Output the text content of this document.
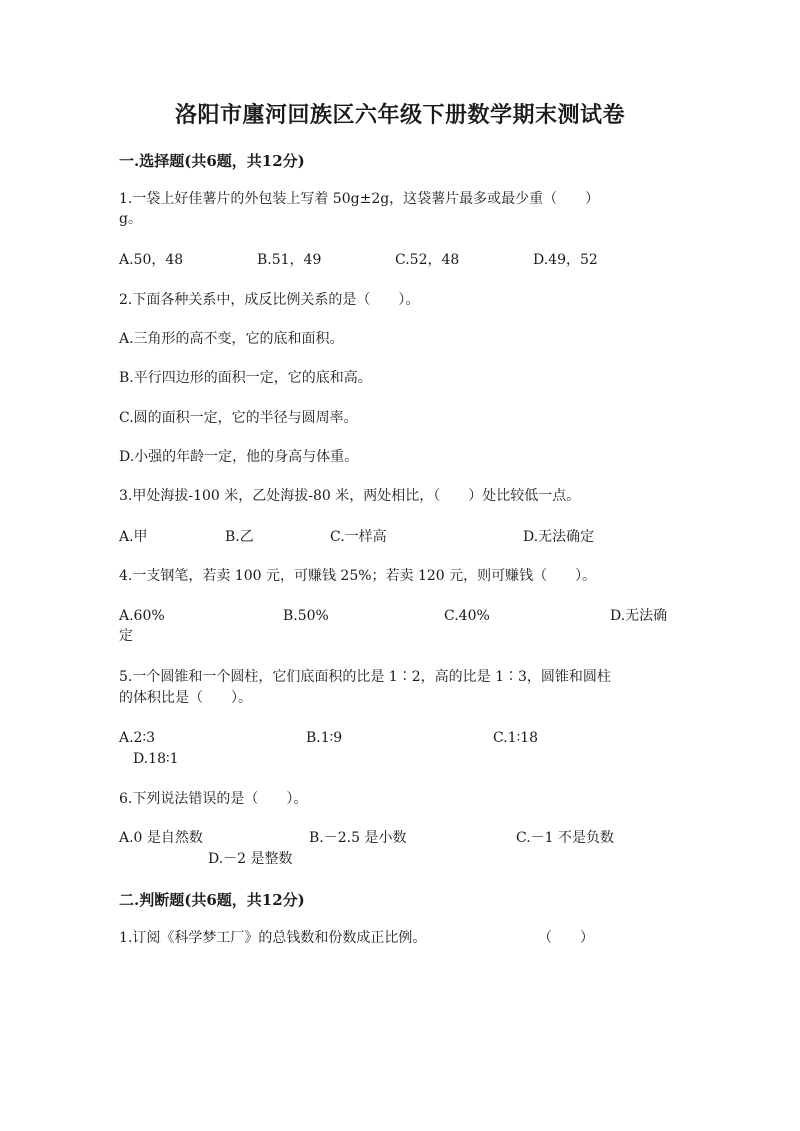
洛阳市廛河回族区六年级下册数学期末测试卷
一.选择题(共6题，共12分)
1.一袋上好佳薯片的外包装上写着 50g±2g，这袋薯片最多或最少重（　　）
g。
A.50，48	B.51，49	C.52，48	D.49，52
2.下面各种关系中，成反比例关系的是（　　）。
A.三角形的高不变，它的底和面积。
B.平行四边形的面积一定，它的底和高。
C.圆的面积一定，它的半径与圆周率。
D.小强的年龄一定，他的身高与体重。
3.甲处海拔-100 米，乙处海拔-80 米，两处相比，（　　）处比较低一点。
A.甲	B.乙	C.一样高	D.无法确定
4.一支钢笔，若卖 100 元，可赚钱 25%；若卖 120 元，则可赚钱（　　）。
A.60%	B.50%	C.40%	D.无法确
定
5.一个圆锥和一个圆柱，它们底面积的比是 1∶2，高的比是 1∶3，圆锥和圆柱
的体积比是（　　）。
A.2∶3	B.1∶9	C.1∶18
D.18∶1
6.下列说法错误的是（　　）。
A.0 是自然数	B.－2.5 是小数	C.－1 不是负数
D.－2 是整数
二.判断题(共6题，共12分)
1.订阅《科学梦工厂》的总钱数和份数成正比例。	（　　）
